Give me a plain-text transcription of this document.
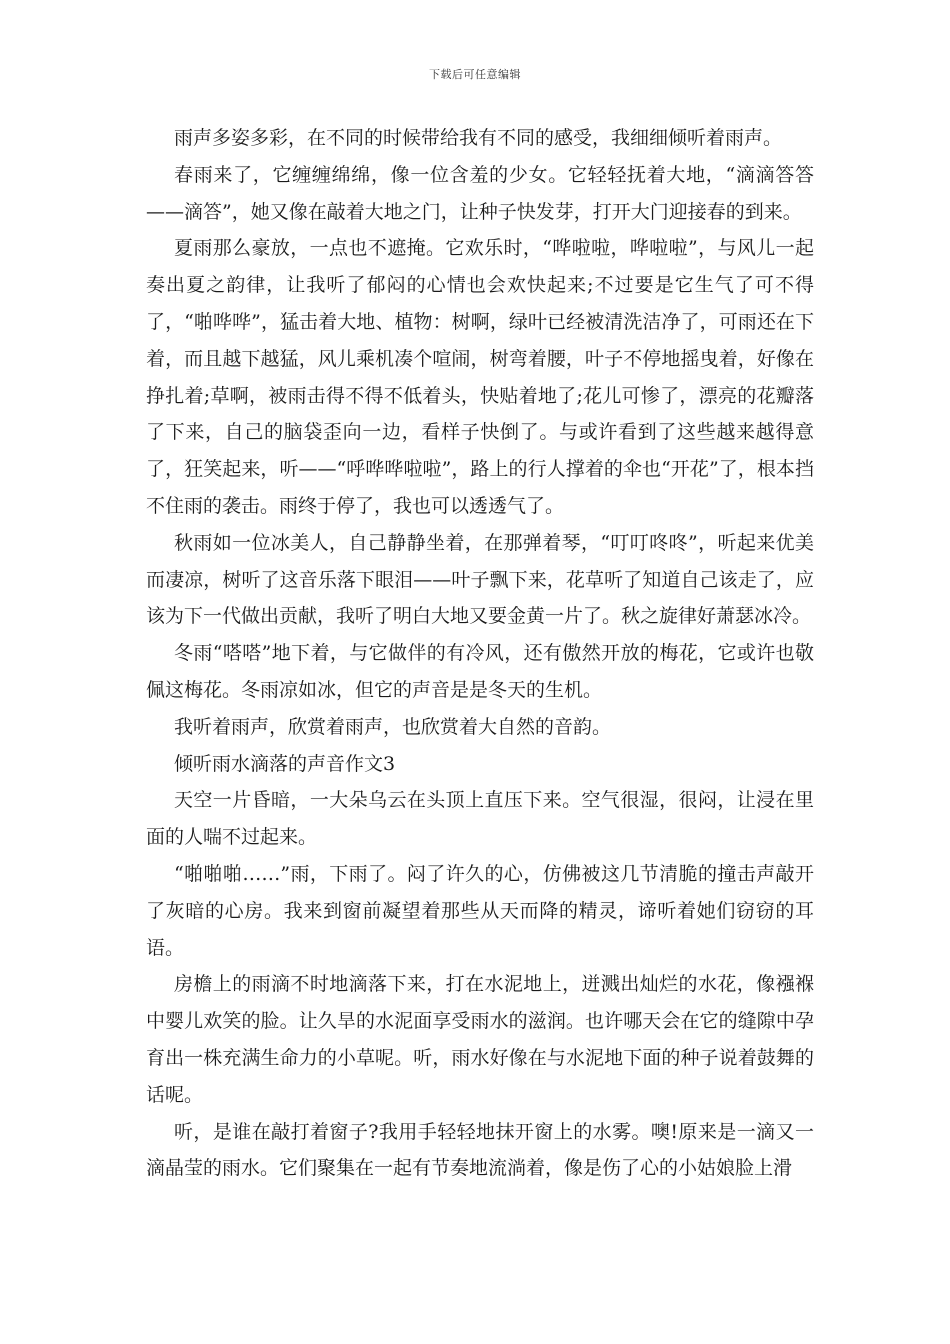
下载后可任意编辑

雨声多姿多彩，在不同的时候带给我有不同的感受，我细细倾听着雨声。

春雨来了，它缠缠绵绵，像一位含羞的少女。它轻轻抚着大地，“滴滴答答——滴答”，她又像在敲着大地之门，让种子快发芽，打开大门迎接春的到来。

夏雨那么豪放，一点也不遮掩。它欢乐时，“哗啦啦，哗啦啦”，与风儿一起奏出夏之韵律，让我听了郁闷的心情也会欢快起来;不过要是它生气了可不得了，“啪哗哗”，猛击着大地、植物：树啊，绿叶已经被清洗洁净了，可雨还在下着，而且越下越猛，风儿乘机凑个喧闹，树弯着腰，叶子不停地摇曳着，好像在挣扎着;草啊，被雨击得不得不低着头，快贴着地了;花儿可惨了，漂亮的花瓣落了下来，自己的脑袋歪向一边，看样子快倒了。与或许看到了这些越来越得意了，狂笑起来，听——“呼哗哗啦啦”，路上的行人撑着的伞也“开花”了，根本挡不住雨的袭击。雨终于停了，我也可以透透气了。

秋雨如一位冰美人，自己静静坐着，在那弹着琴，“叮叮咚咚”，听起来优美而凄凉，树听了这音乐落下眼泪——叶子飘下来，花草听了知道自己该走了，应该为下一代做出贡献，我听了明白大地又要金黄一片了。秋之旋律好萧瑟冰冷。

冬雨“嗒嗒”地下着，与它做伴的有冷风，还有傲然开放的梅花，它或许也敬佩这梅花。冬雨凉如冰，但它的声音是是冬天的生机。

我听着雨声，欣赏着雨声，也欣赏着大自然的音韵。

倾听雨水滴落的声音作文3

天空一片昏暗，一大朵乌云在头顶上直压下来。空气很湿，很闷，让浸在里面的人喘不过起来。

“啪啪啪……”雨，下雨了。闷了许久的心，仿佛被这几节清脆的撞击声敲开了灰暗的心房。我来到窗前凝望着那些从天而降的精灵，谛听着她们窃窃的耳语。

房檐上的雨滴不时地滴落下来，打在水泥地上，迸溅出灿烂的水花，像襁褓中婴儿欢笑的脸。让久旱的水泥面享受雨水的滋润。也许哪天会在它的缝隙中孕育出一株充满生命力的小草呢。听，雨水好像在与水泥地下面的种子说着鼓舞的话呢。

听，是谁在敲打着窗子?我用手轻轻地抹开窗上的水雾。噢!原来是一滴又一滴晶莹的雨水。它们聚集在一起有节奏地流淌着，像是伤了心的小姑娘脸上滑
